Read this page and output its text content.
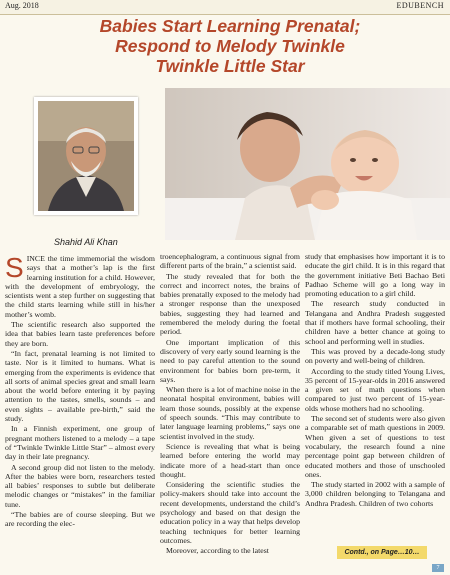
Aug. 2018	EDUBENCH
Babies Start Learning Prenatal;
Respond to Melody Twinkle
Twinkle Little Star
Shahid Ali Khan
S INCE the time immemorial the wisdom says that a mother’s lap is the first learning institution for a child. However, with the development of embryology, the scientists went a step further on suggesting that the child starts learning while still in his/her mother’s womb.

The scientific research also supported the idea that babies learn taste preferences before they are born.

“In fact, prenatal learning is not limited to taste. Nor is it limited to humans. What is emerging from the experiments is evidence that all sorts of animal species great and small learn about the world before entering it by paying attention to the tastes, smells, sounds – and even sights – available pre-birth,” said the study.

In a Finnish experiment, one group of pregnant mothers listened to a melody – a tape of “Twinkle Twinkle Little Star” – almost every day in their late pregnancy.

A second group did not listen to the melody. After the babies were born, researchers tested all babies’ responses to subtle but deliberate melodic changes or “mistakes” in the familiar tune.

“The babies are of course sleeping. But we are recording the elec-

troencephalogram, a continuous signal from different parts of the brain,” a scientist said.

The study revealed that for both the correct and incorrect notes, the brains of babies prenatally exposed to the melody had a stronger response than the unexposed babies, suggesting they had learned and remembered the melody during the foetal period.

One important implication of this discovery of very early sound learning is the need to pay careful attention to the sound environment for babies born pre-term, it says.

When there is a lot of machine noise in the neonatal hospital environment, babies will learn those sounds, possibly at the expense of speech sounds. “This may contribute to later language learning problems,” says one scientist involved in the study.

Science is revealing that what is being learned before entering the world may indicate more of a head-start than once thought.

Considering the scientific studies the policy-makers should take into account the recent developments, understand the child’s psychology and based on that design the education policy in a way that helps develop teaching techniques for better learning outcomes.

Moreover, according to the latest

study that emphasises how important it is to educate the girl child. It is in this regard that the government initiative Beti Bachao Beti Padhao Scheme will go a long way in promoting education to a girl child.

The research study conducted in Telangana and Andhra Pradesh suggested that if mothers have formal schooling, their children have a better chance at going to school and performing well in studies.

This was proved by a decade-long study on poverty and well-being of children.

According to the study titled Young Lives, 35 percent of 15-year-olds in 2016 answered a given set of math questions when compared to just two percent of 15-year-olds whose mothers had no schooling.

The second set of students were also given a comparable set of math questions in 2009. When given a set of questions to test vocabulary, the research found a nine percentage point gap between children of educated mothers and those of unschooled ones.

The study started in 2002 with a sample of 3,000 children belonging to Telangana and Andhra Pradesh. Children of two cohorts

Contd., on Page…10…
7
